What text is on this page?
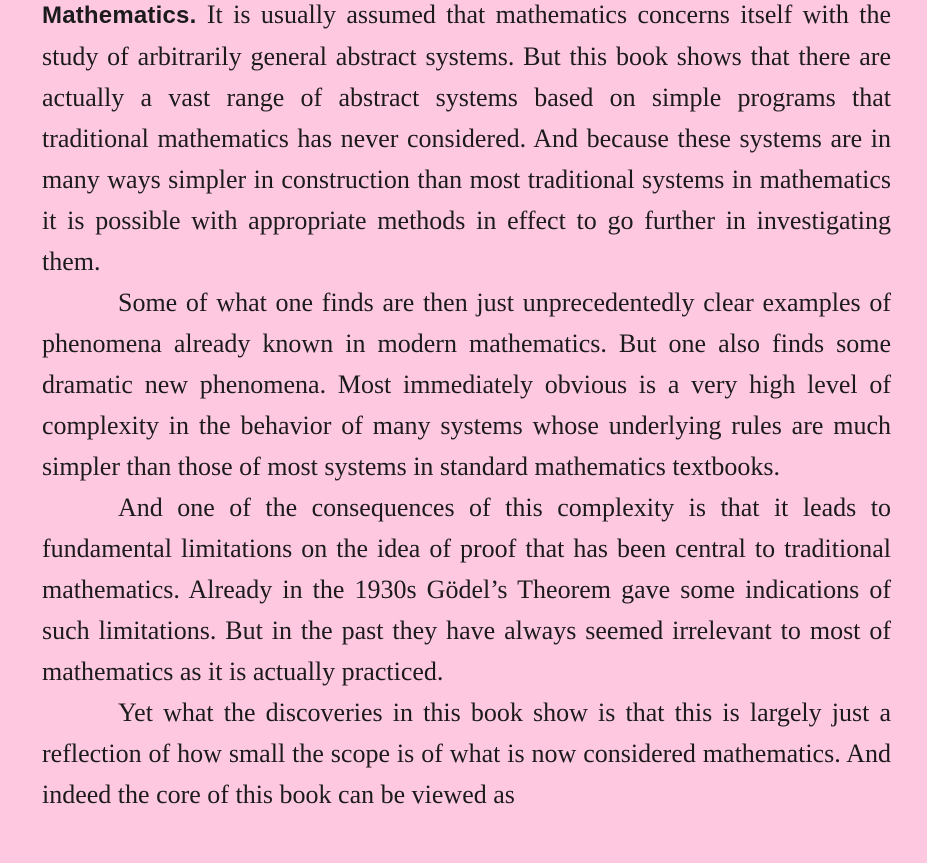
Mathematics. It is usually assumed that mathematics concerns itself with the study of arbitrarily general abstract systems. But this book shows that there are actually a vast range of abstract systems based on simple programs that traditional mathematics has never considered. And because these systems are in many ways simpler in construction than most traditional systems in mathematics it is possible with appropriate methods in effect to go further in investigating them.

Some of what one finds are then just unprecedentedly clear examples of phenomena already known in modern mathematics. But one also finds some dramatic new phenomena. Most immediately obvious is a very high level of complexity in the behavior of many systems whose underlying rules are much simpler than those of most systems in standard mathematics textbooks.

And one of the consequences of this complexity is that it leads to fundamental limitations on the idea of proof that has been central to traditional mathematics. Already in the 1930s Gödel’s Theorem gave some indications of such limitations. But in the past they have always seemed irrelevant to most of mathematics as it is actually practiced.

Yet what the discoveries in this book show is that this is largely just a reflection of how small the scope is of what is now considered mathematics. And indeed the core of this book can be viewed as
